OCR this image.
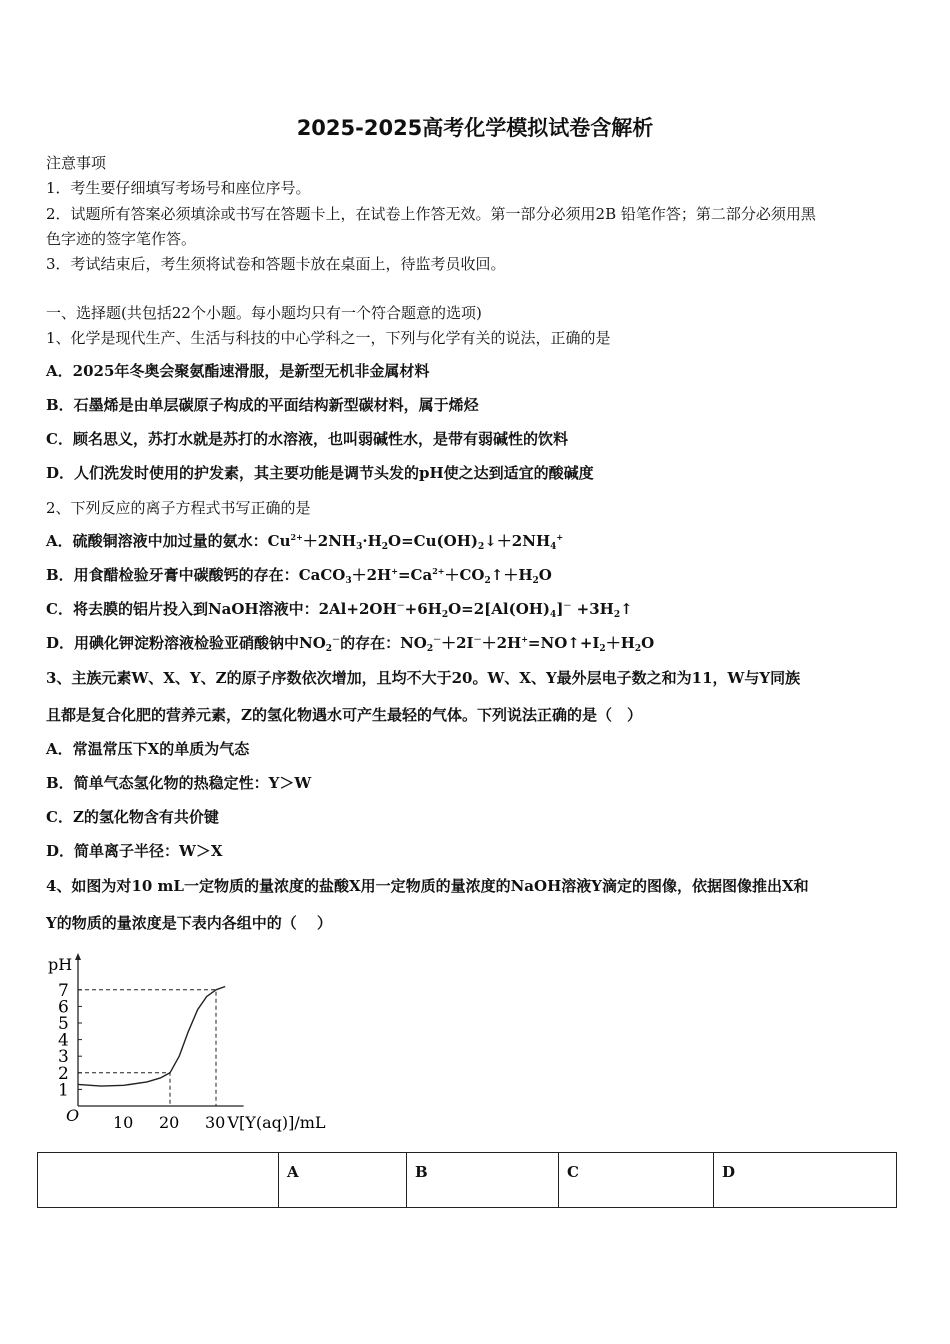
2025-2025高考化学模拟试卷含解析
注意事项
1．考生要仔细填写考场号和座位序号。
2．试题所有答案必须填涂或书写在答题卡上，在试卷上作答无效。第一部分必须用2B 铅笔作答；第二部分必须用黑
色字迹的签字笔作答。
3．考试结束后，考生须将试卷和答题卡放在桌面上，待监考员收回。
一、选择题(共包括22个小题。每小题均只有一个符合题意的选项)
1、化学是现代生产、生活与科技的中心学科之一，下列与化学有关的说法，正确的是
A．2025年冬奥会聚氨酯速滑服，是新型无机非金属材料
B．石墨烯是由单层碳原子构成的平面结构新型碳材料，属于烯烃
C．顾名思义，苏打水就是苏打的水溶液，也叫弱碱性水，是带有弱碱性的饮料
D．人们洗发时使用的护发素，其主要功能是调节头发的pH使之达到适宜的酸碱度
2、下列反应的离子方程式书写正确的是
A．硫酸铜溶液中加过量的氨水：$Cu^{2+}+2NH_3\cdot H_2O=Cu(OH)_2↓+2NH_4^+$
B．用食醋检验牙膏中碳酸钙的存在：$CaCO_3+2H^+=Ca^{2+}+CO_2↑+H_2O$
C．将去膜的铝片投入到NaOH溶液中：$2Al+2OH^-+6H_2O=2[Al(OH)_4]^-$ $+3H_2↑$
D．用碘化钾淀粉溶液检验亚硝酸钠中$NO_2^-$的存在：$NO_2^-+2I^-+2H^+=NO↑+I_2+H_2O$
3、主族元素W、X、Y、Z的原子序数依次增加，且均不大于20。W、X、Y最外层电子数之和为11，W与Y同族
且都是复合化肥的营养元素，Z的氢化物遇水可产生最轻的气体。下列说法正确的是（　）
A．常温常压下X的单质为气态
B．简单气态氢化物的热稳定性：Y＞W
C．Z的氢化物含有共价键
D．简单离子半径：W＞X
4、如图为对10 mL一定物质的量浓度的盐酸X用一定物质的量浓度的NaOH溶液Y滴定的图像，依据图像推出X和
Y的物质的量浓度是下表内各组中的（　 ）
pH
O	V[Y(aq)]/mL
1
2
3
4
5
6
7
10 20 30
	A	B	C	D
